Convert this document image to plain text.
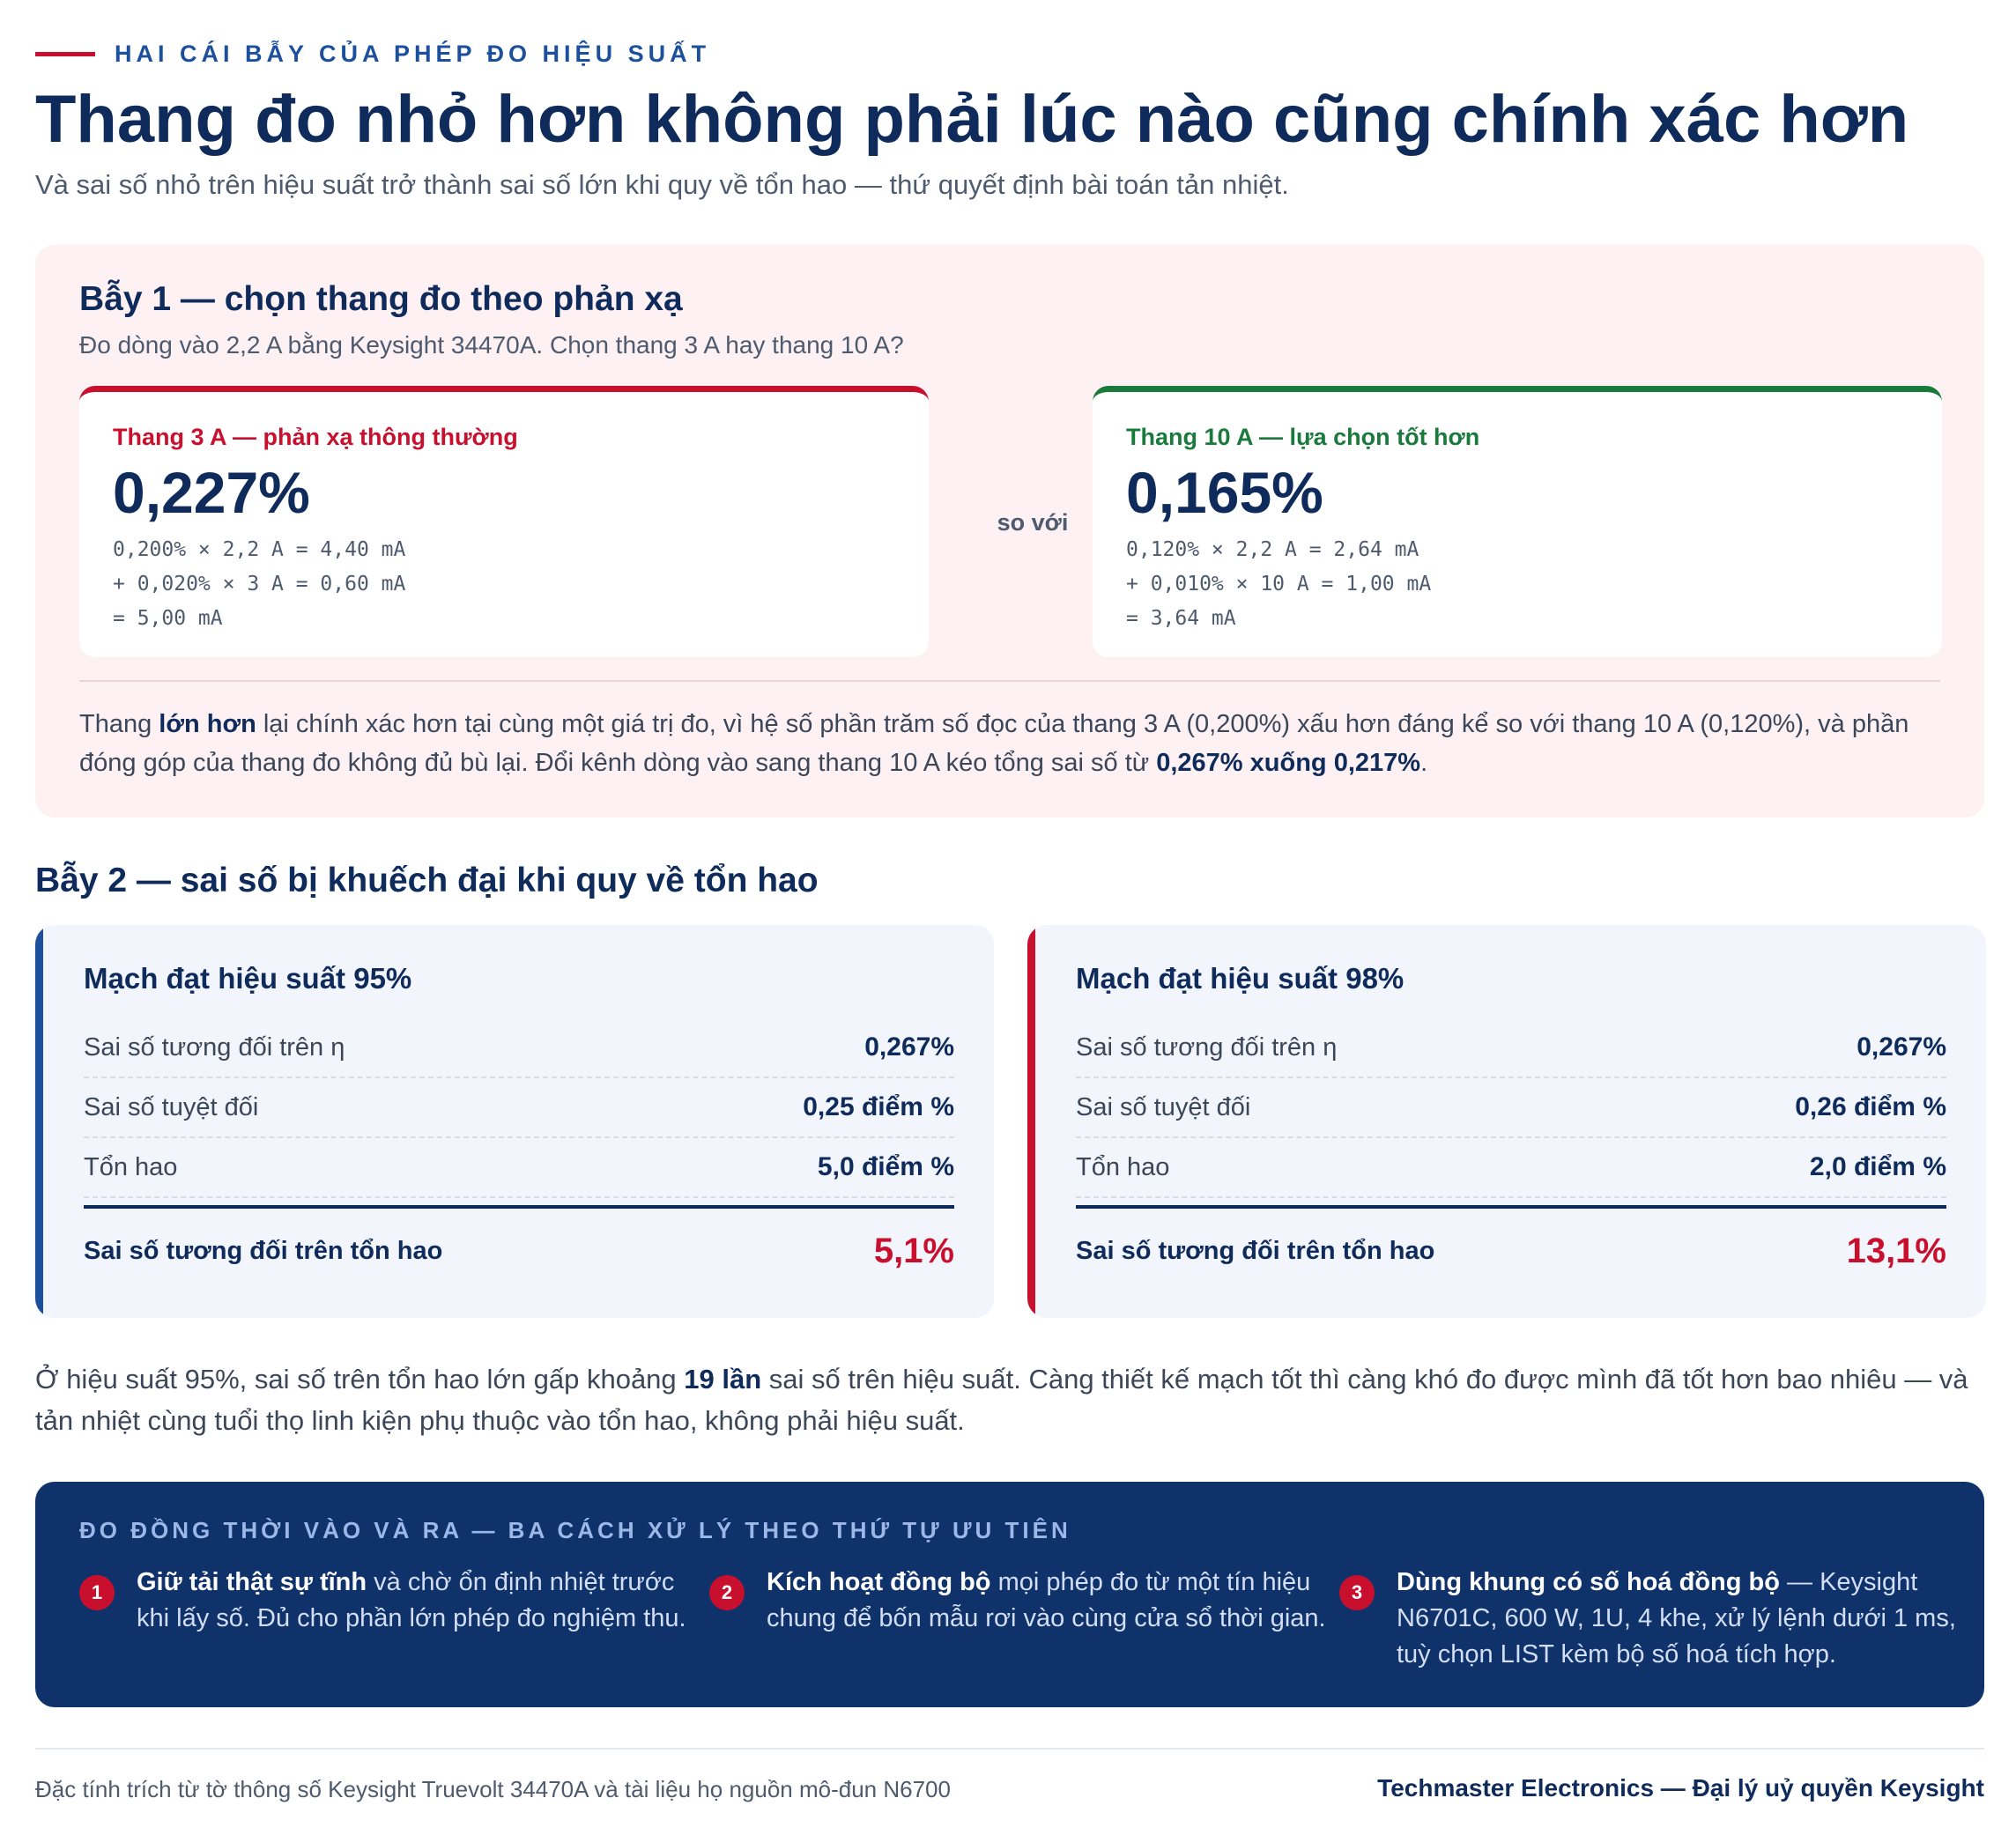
HAI CÁI BẪY CỦA PHÉP ĐO HIỆU SUẤT
Thang đo nhỏ hơn không phải lúc nào cũng chính xác hơn
Và sai số nhỏ trên hiệu suất trở thành sai số lớn khi quy về tổn hao — thứ quyết định bài toán tản nhiệt.
Bẫy 1 — chọn thang đo theo phản xạ
Đo dòng vào 2,2 A bằng Keysight 34470A. Chọn thang 3 A hay thang 10 A?
Thang 3 A — phản xạ thông thường
0,227%
0,200% × 2,2 A = 4,40 mA
+ 0,020% × 3 A = 0,60 mA
= 5,00 mA
so với
Thang 10 A — lựa chọn tốt hơn
0,165%
0,120% × 2,2 A = 2,64 mA
+ 0,010% × 10 A = 1,00 mA
= 3,64 mA

Thang lớn hơn lại chính xác hơn tại cùng một giá trị đo, vì hệ số phần trăm số đọc của thang 3 A (0,200%) xấu hơn đáng kể so với thang 10 A (0,120%), và phần đóng góp của thang đo không đủ bù lại. Đổi kênh dòng vào sang thang 10 A kéo tổng sai số từ 0,267% xuống 0,217%.

Bẫy 2 — sai số bị khuếch đại khi quy về tổn hao
Mạch đạt hiệu suất 95%
Sai số tương đối trên η	0,267%
Sai số tuyệt đối	0,25 điểm %
Tổn hao	5,0 điểm %
Sai số tương đối trên tổn hao	5,1%
Mạch đạt hiệu suất 98%
Sai số tương đối trên η	0,267%
Sai số tuyệt đối	0,26 điểm %
Tổn hao	2,0 điểm %
Sai số tương đối trên tổn hao	13,1%

Ở hiệu suất 95%, sai số trên tổn hao lớn gấp khoảng 19 lần sai số trên hiệu suất. Càng thiết kế mạch tốt thì càng khó đo được mình đã tốt hơn bao nhiêu — và tản nhiệt cùng tuổi thọ linh kiện phụ thuộc vào tổn hao, không phải hiệu suất.

ĐO ĐỒNG THỜI VÀO VÀ RA — BA CÁCH XỬ LÝ THEO THỨ TỰ ƯU TIÊN
1	Giữ tải thật sự tĩnh và chờ ổn định nhiệt trước khi lấy số. Đủ cho phần lớn phép đo nghiệm thu.

2	Kích hoạt đồng bộ mọi phép đo từ một tín hiệu chung để bốn mẫu rơi vào cùng cửa sổ thời gian.

3	Dùng khung có số hoá đồng bộ — Keysight N6701C, 600 W, 1U, 4 khe, xử lý lệnh dưới 1 ms, tuỳ chọn LIST kèm bộ số hoá tích hợp.

Đặc tính trích từ tờ thông số Keysight Truevolt 34470A và tài liệu họ nguồn mô-đun N6700	Techmaster Electronics — Đại lý uỷ quyền Keysight
